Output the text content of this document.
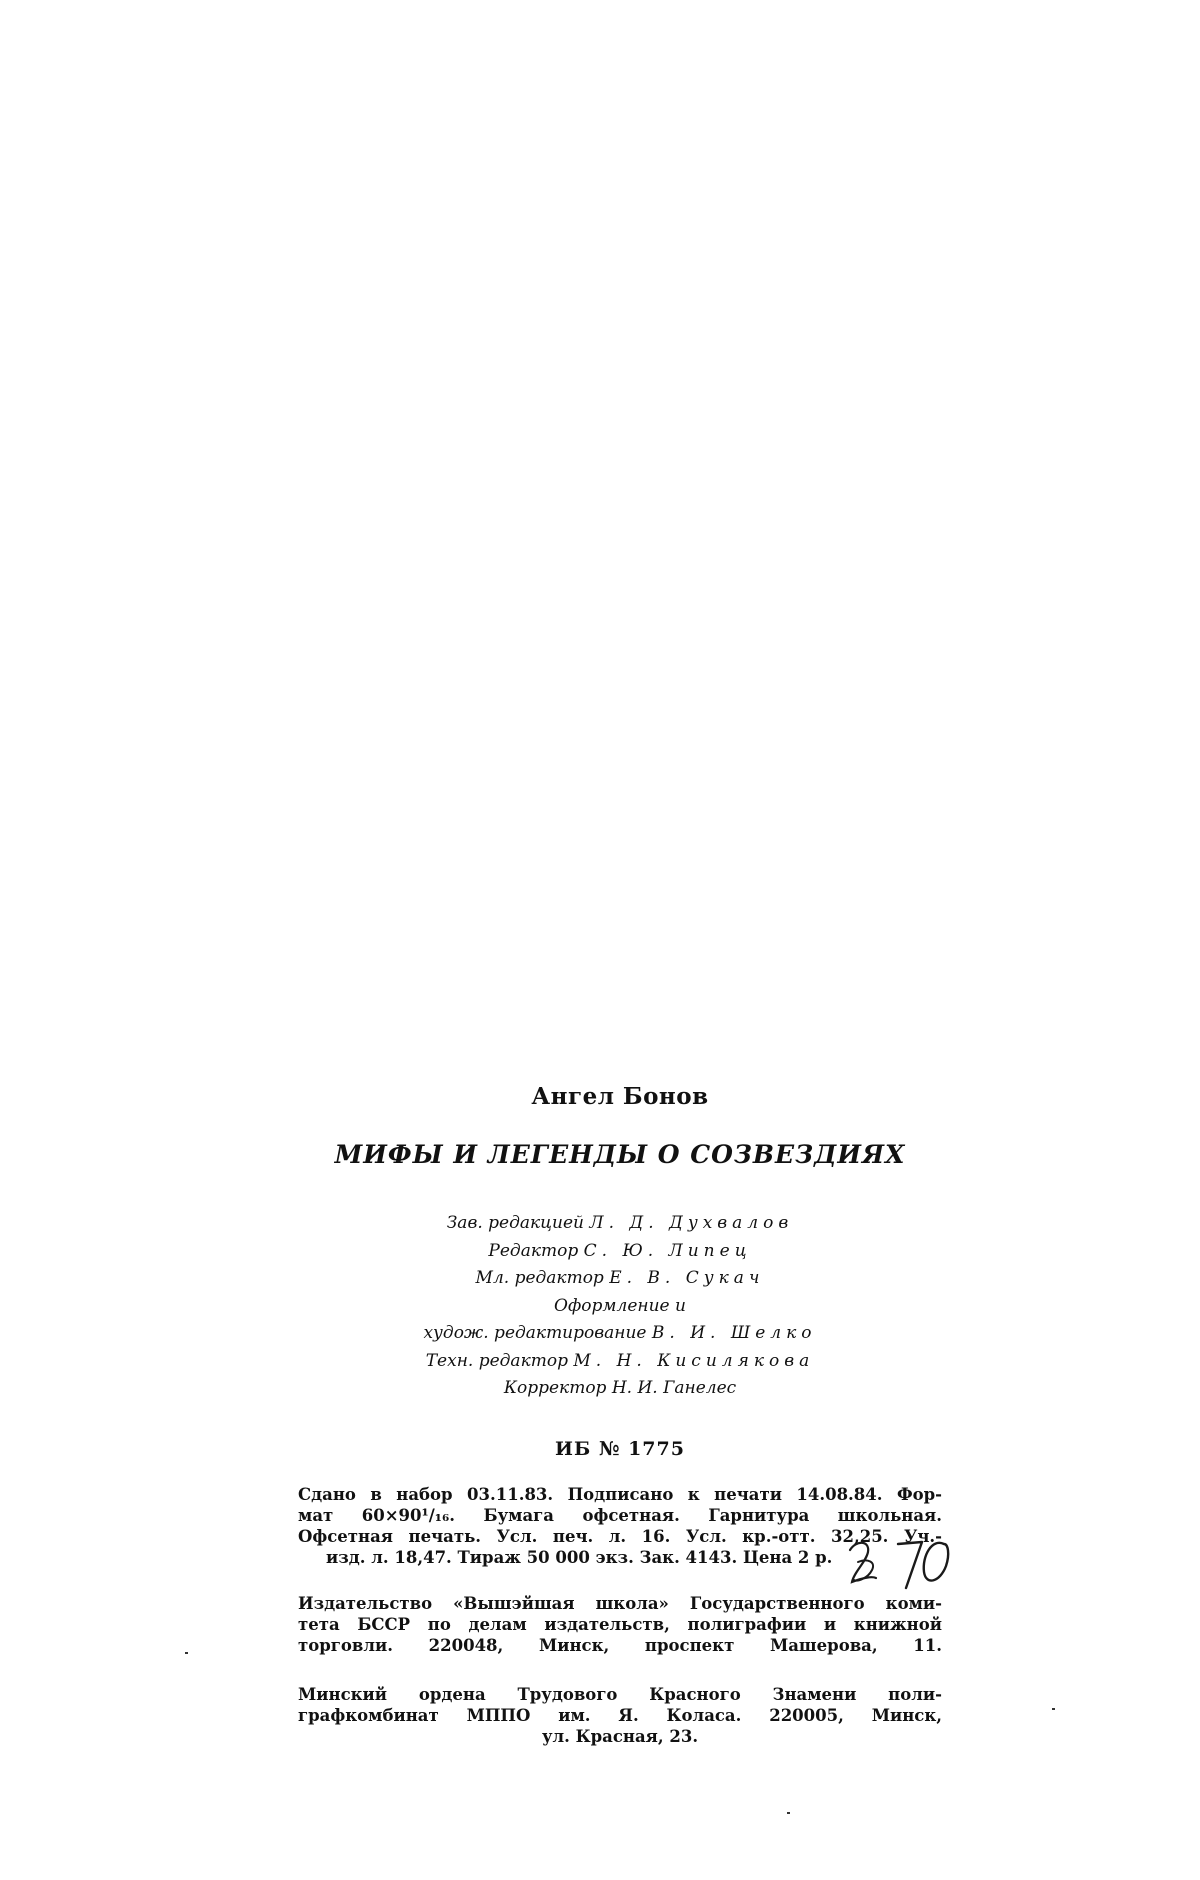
Ангел Бонов
МИФЫ И ЛЕГЕНДЫ О СОЗВЕЗДИЯХ
Зав. редакцией Л. Д. Духвалов
Редактор С. Ю. Липец
Мл. редактор Е. В. Сукач
Оформление и
худож. редактирование В. И. Шелко
Техн. редактор М. Н. Кисилякова
Корректор Н. И. Ганелес
ИБ № 1775
Сдано в набор 03.11.83. Подписано к печати 14.08.84. Фор-
мат 60×90¹/₁₆. Бумага офсетная. Гарнитура школьная.
Офсетная печать. Усл. печ. л. 16. Усл. кр.-отт. 32,25. Уч.-
изд. л. 18,47. Тираж 50 000 экз. Зак. 4143. Цена 2 р.
Издательство «Вышэйшая школа» Государственного коми-
тета БССР по делам издательств, полиграфии и книжной
торговли. 220048, Минск, проспект Машерова, 11.
Минский ордена Трудового Красного Знамени поли-
графкомбинат МППО им. Я. Коласа. 220005, Минск,
ул. Красная, 23.
